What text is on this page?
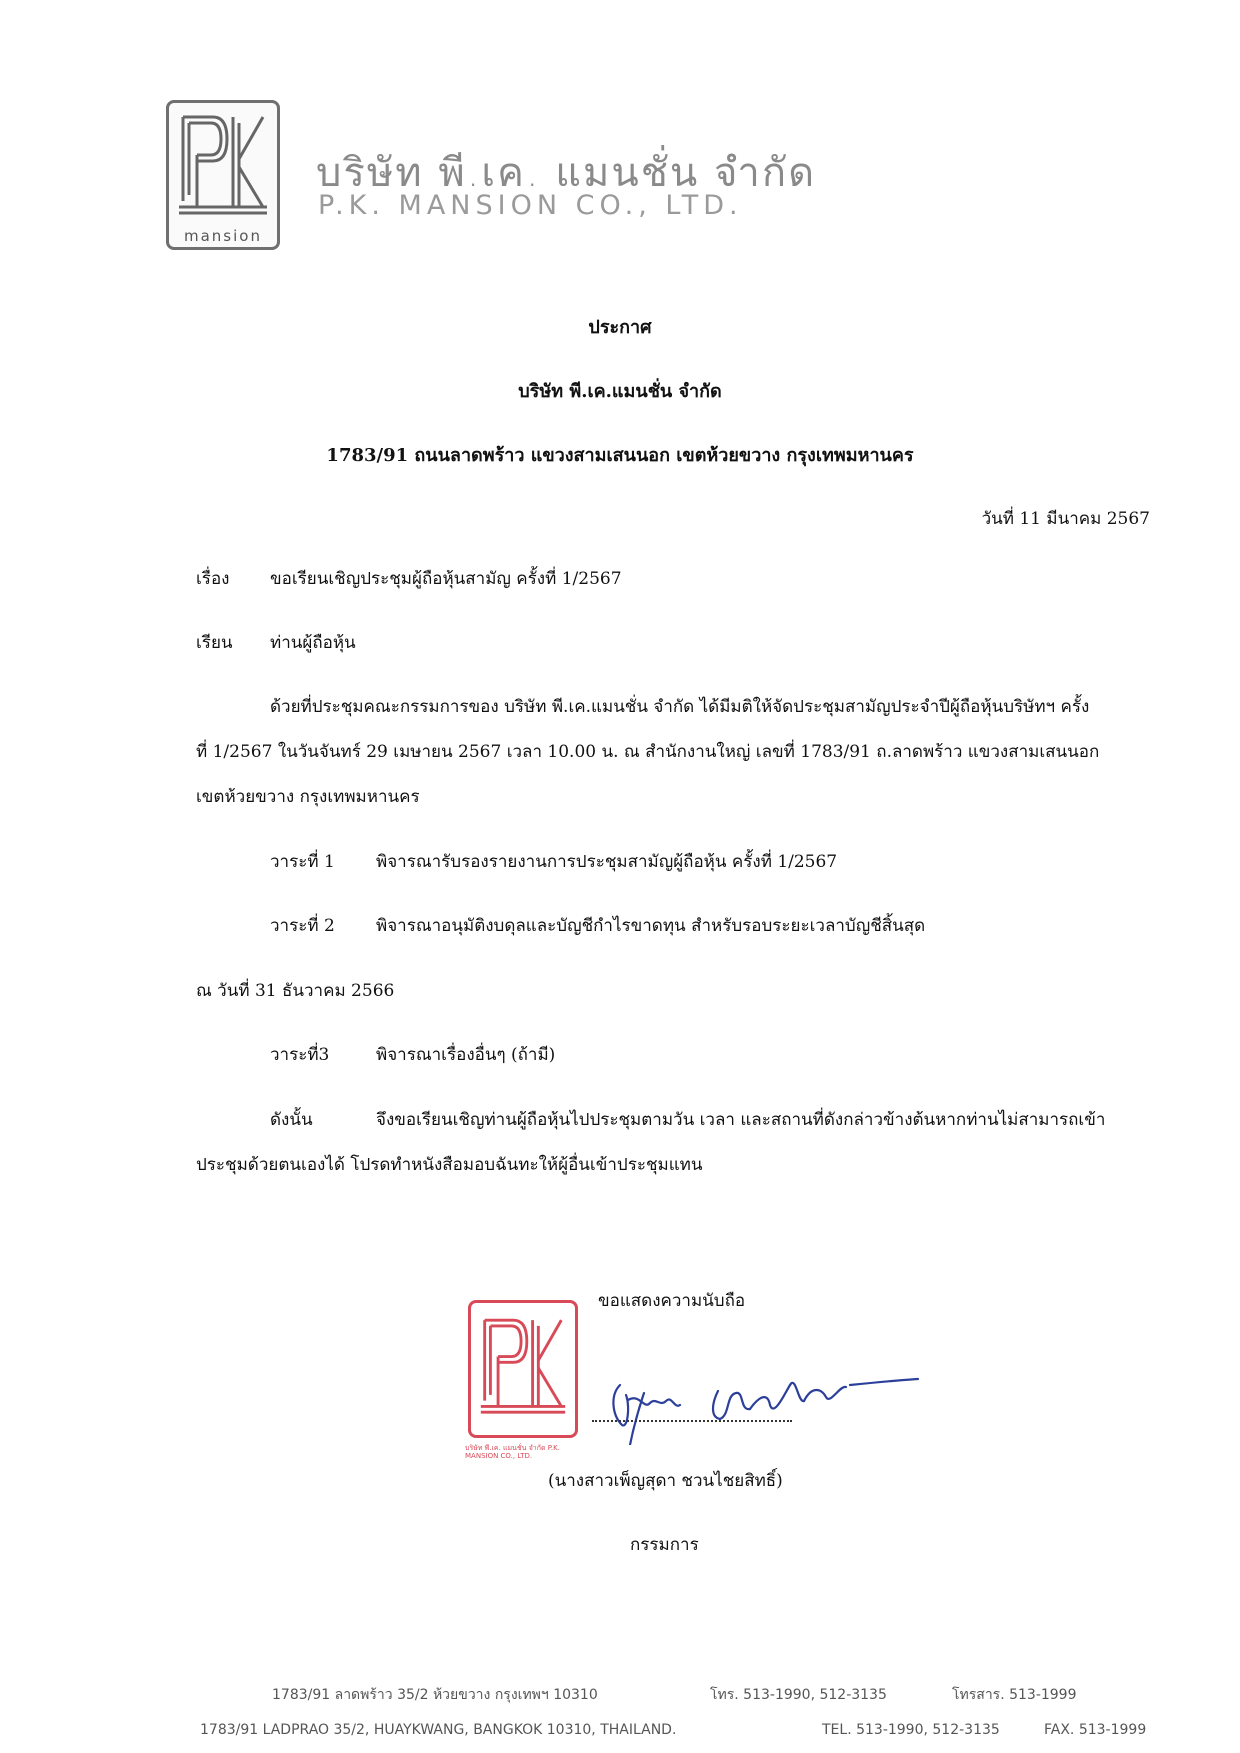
mansion
บริษัท พี.เค. แมนชั่น จำกัด
P.K. MANSION CO., LTD.
ประกาศ
บริษัท พี.เค.แมนชั่น จำกัด
1783/91 ถนนลาดพร้าว แขวงสามเสนนอก เขตห้วยขวาง กรุงเทพมหานคร
วันที่ 11 มีนาคม 2567
เรื่อง ขอเรียนเชิญประชุมผู้ถือหุ้นสามัญ ครั้งที่ 1/2567
เรียน ท่านผู้ถือหุ้น
ด้วยที่ประชุมคณะกรรมการของ บริษัท พี.เค.แมนชั่น จำกัด ได้มีมติให้จัดประชุมสามัญประจำปีผู้ถือหุ้นบริษัทฯ ครั้ง
ที่ 1/2567 ในวันจันทร์ 29 เมษายน 2567 เวลา 10.00 น. ณ สำนักงานใหญ่ เลขที่ 1783/91 ถ.ลาดพร้าว แขวงสามเสนนอก
เขตห้วยขวาง กรุงเทพมหานคร
วาระที่ 1 พิจารณารับรองรายงานการประชุมสามัญผู้ถือหุ้น ครั้งที่ 1/2567
วาระที่ 2 พิจารณาอนุมัติงบดุลและบัญชีกำไรขาดทุน สำหรับรอบระยะเวลาบัญชีสิ้นสุด
ณ วันที่ 31 ธันวาคม 2566
วาระที่3	พิจารณาเรื่องอื่นๆ (ถ้ามี)
ดังนั้น	จึงขอเรียนเชิญท่านผู้ถือหุ้นไปประชุมตามวัน เวลา และสถานที่ดังกล่าวข้างต้นหากท่านไม่สามารถเข้า
ประชุมด้วยตนเองได้ โปรดทำหนังสือมอบฉันทะให้ผู้อื่นเข้าประชุมแทน
ขอแสดงความนับถือ
บริษัท พี.เค. แมนชั่น จำกัด P.K. MANSION CO., LTD.
(นางสาวเพ็ญสุดา ชวนไชยสิทธิ์)
กรรมการ
1783/91 ลาดพร้าว 35/2 ห้วยขวาง กรุงเทพฯ 10310	โทร. 513-1990, 512-3135	โทรสาร. 513-1999
1783/91 LADPRAO 35/2, HUAYKWANG, BANGKOK 10310, THAILAND.	TEL. 513-1990, 512-3135	FAX. 513-1999
